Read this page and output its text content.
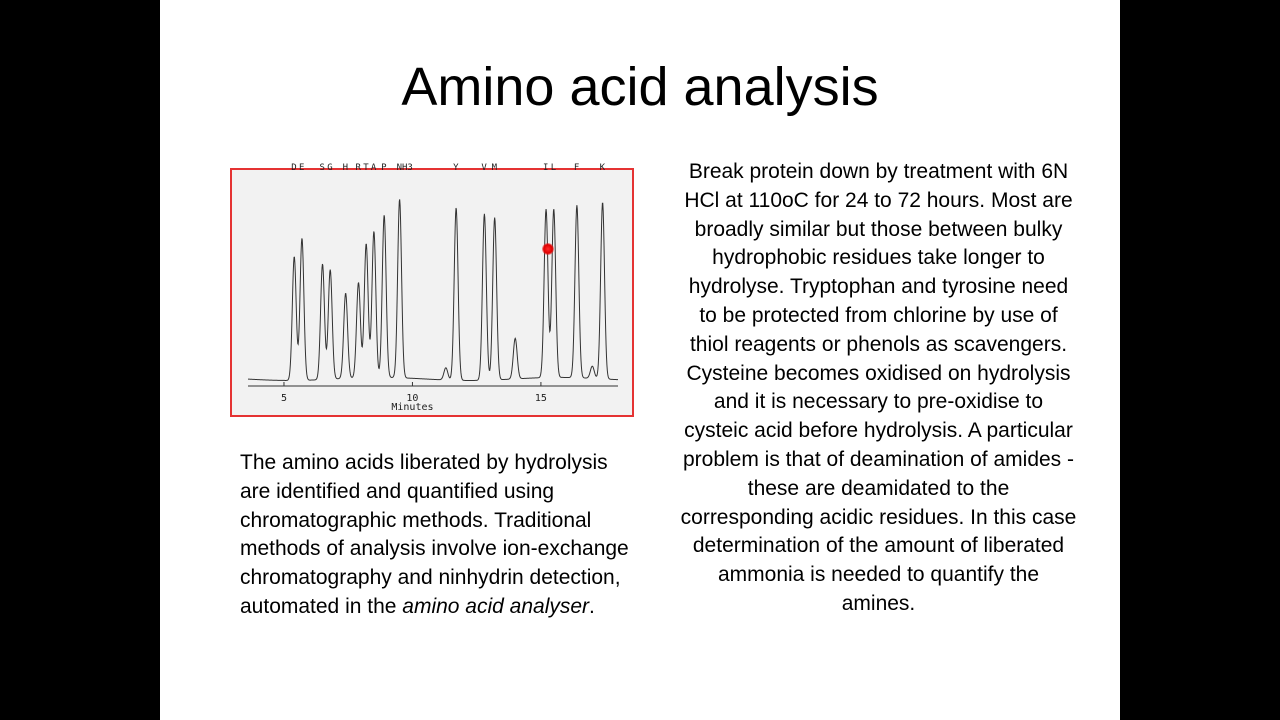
Amino acid analysis
5	10	15
Minutes
D E S G H R T A P NH3	Y	V M	I L F K
The amino acids liberated by hydrolysis are identified and quantified using chromatographic methods. Traditional methods of analysis involve ion-exchange chromatography and ninhydrin detection, automated in the amino acid analyser.
Break protein down by treatment with 6N HCl at 110oC for 24 to 72 hours. Most are broadly similar but those between bulky hydrophobic residues take longer to hydrolyse. Tryptophan and tyrosine need to be protected from chlorine by use of thiol reagents or phenols as scavengers. Cysteine becomes oxidised on hydrolysis and it is necessary to pre-oxidise to cysteic acid before hydrolysis. A particular problem is that of deamination of amides - these are deamidated to the corresponding acidic residues. In this case determination of the amount of liberated ammonia is needed to quantify the amines.
